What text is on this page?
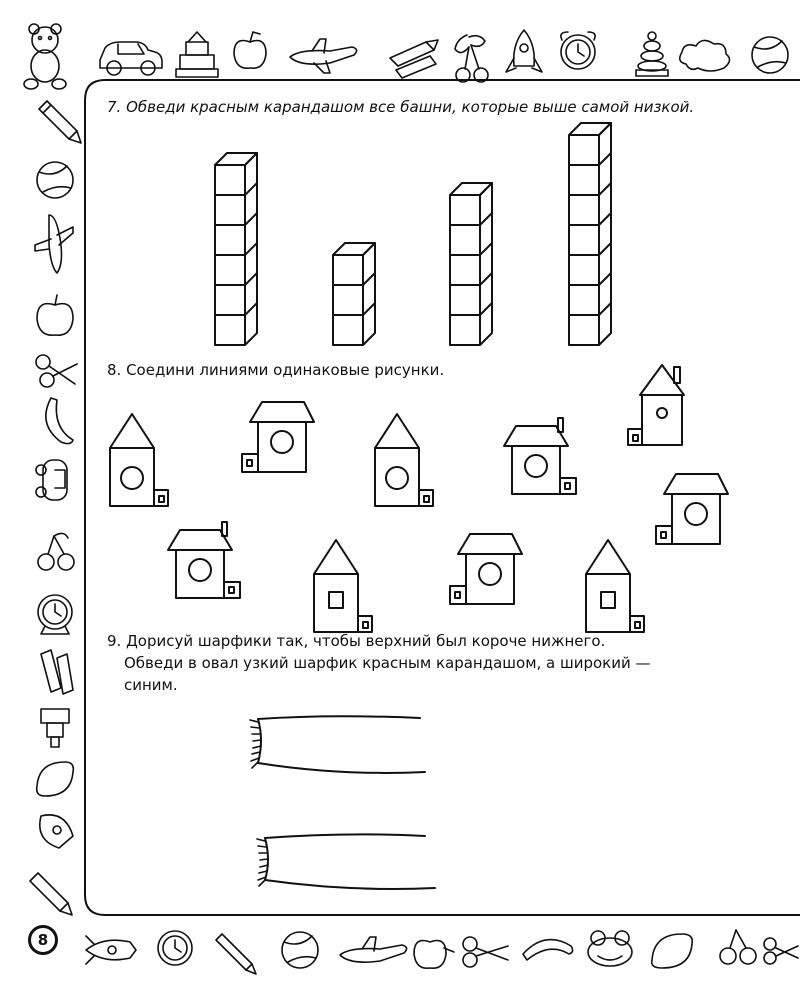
7. Обведи красным карандашом все башни, которые выше самой низкой.
8. Соедини линиями одинаковые рисунки.
9. Дорисуй шарфики так, чтобы верхний был короче нижнего.
Обведи в овал узкий шарфик красным карандашом, а широкий —
синим.
8
